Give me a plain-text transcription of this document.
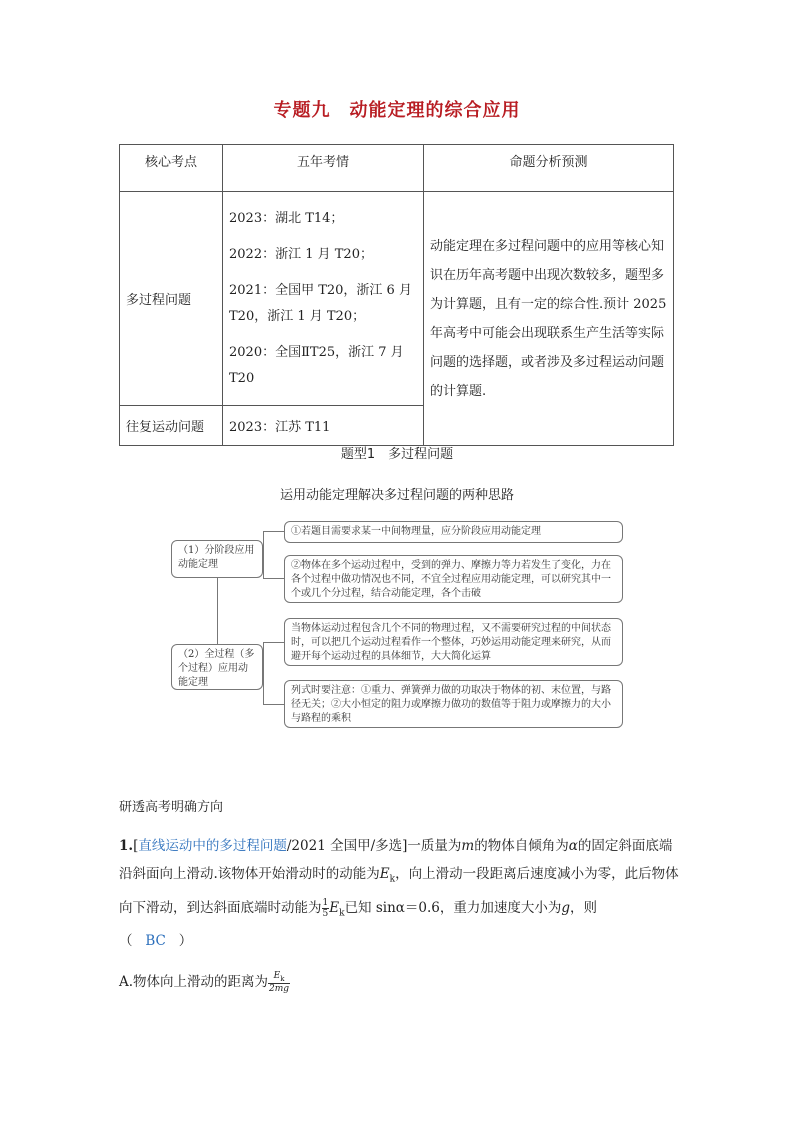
专题九　动能定理的综合应用
核心考点	五年考情	命题分析预测
多过程问题	2023：湖北 T14；

2022：浙江 1 月 T20；

2021：全国甲 T20，浙江 6 月 T20，浙江 1 月 T20；

2020：全国ⅡT25，浙江 7 月 T20	动能定理在多过程问题中的应用等核心知识在历年高考题中出现次数较多，题型多为计算题，且有一定的综合性.预计 2025 年高考中可能会出现联系生产生活等实际问题的选择题，或者涉及多过程运动问题的计算题.
往复运动问题	2023：江苏 T11	
题型1　多过程问题
运用动能定理解决多过程问题的两种思路
（1）分阶段应用动能定理
①若题目需要求某一中间物理量，应分阶段应用动能定理
②物体在多个运动过程中，受到的弹力、摩擦力等力若发生了变化，力在各个过程中做功情况也不同，不宜全过程应用动能定理，可以研究其中一个或几个分过程，结合动能定理，各个击破
（2）全过程（多个过程）应用动能定理
当物体运动过程包含几个不同的物理过程，又不需要研究过程的中间状态时，可以把几个运动过程看作一个整体，巧妙运用动能定理来研究，从而避开每个运动过程的具体细节，大大简化运算
列式时要注意：①重力、弹簧弹力做的功取决于物体的初、末位置，与路径无关；②大小恒定的阻力或摩擦力做功的数值等于阻力或摩擦力的大小与路程的乘积
研透高考明确方向
1.[直线运动中的多过程问题/2021 全国甲/多选]一质量为m的物体自倾角为α的固定斜面底端沿斜面向上滑动.该物体开始滑动时的动能为$E_k$，向上滑动一段距离后速度减小为零，此后物体向下滑动，到达斜面底端时动能为 $\frac{1}{5} E_k$已知 sinα＝0.6，重力加速度大小为g，则
（ BC ）
A.物体向上滑动的距离为 $\frac{E_k}{2mg}$
